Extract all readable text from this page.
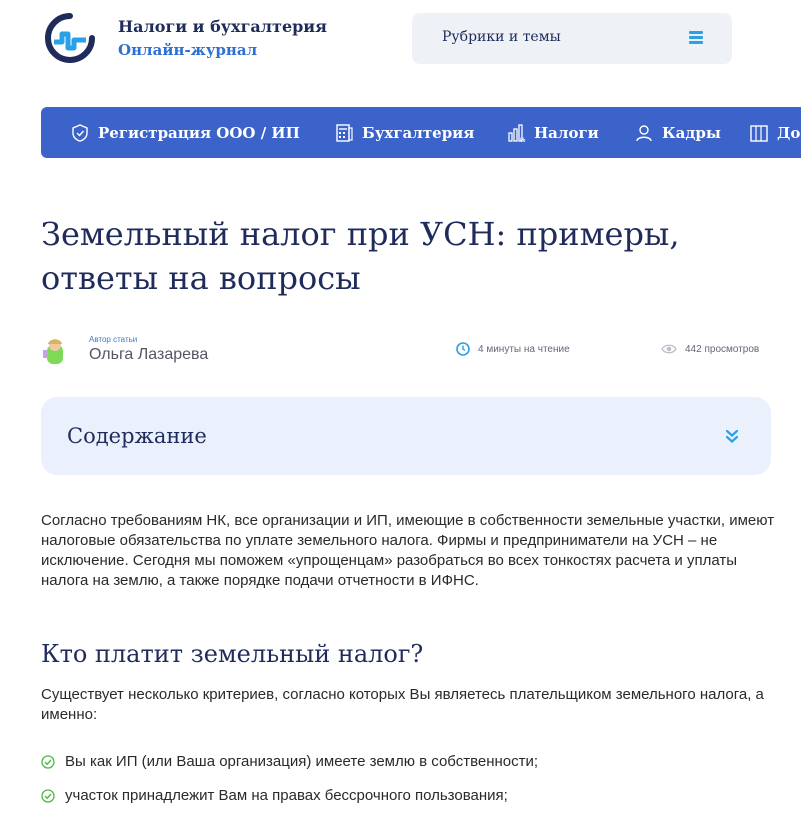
Налоги и бухгалтерия
Онлайн-журнал
Рубрики и темы
Регистрация ООО / ИП	Бухгалтерия	% Налоги	Кадры	До
Земельный налог при УСН: примеры, ответы на вопросы
Автор статьи
Ольга Лазарева	4 минуты на чтение	442 просмотров
Содержание

Согласно требованиям НК, все организации и ИП, имеющие в собственности земельные участки, имеют налоговые обязательства по уплате земельного налога. Фирмы и предприниматели на УСН – не исключение. Сегодня мы поможем «упрощенцам» разобраться во всех тонкостях расчета и уплаты налога на землю, а также порядке подачи отчетности в ИФНС.

Кто платит земельный налог?

Существует несколько критериев, согласно которых Вы являетесь плательщиком земельного налога, а именно:

Вы как ИП (или Ваша организация) имеете землю в собственности;
участок принадлежит Вам на правах бессрочного пользования;
